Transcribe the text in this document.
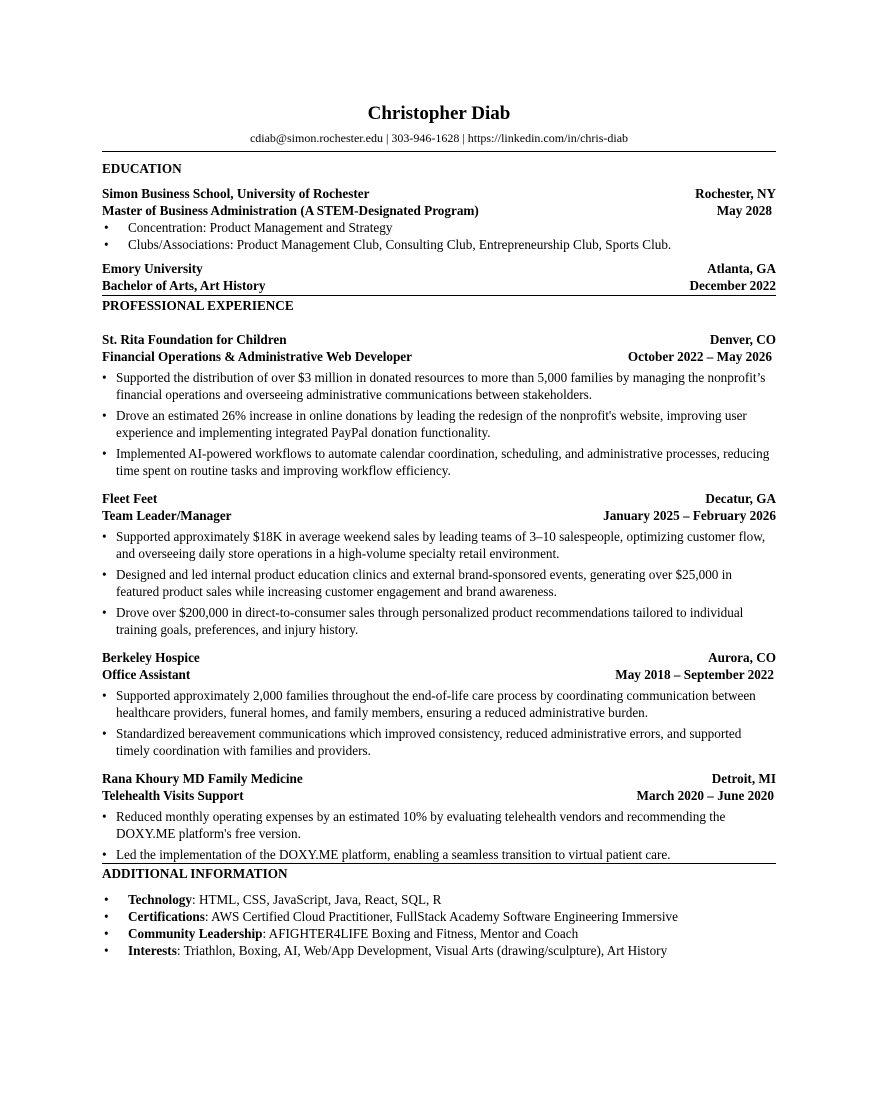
Christopher Diab
cdiab@simon.rochester.edu | 303-946-1628 | https://linkedin.com/in/chris-diab
EDUCATION
Simon Business School, University of Rochester	Rochester, NY
Master of Business Administration (A STEM-Designated Program)	May 2028
• Concentration: Product Management and Strategy
• Clubs/Associations: Product Management Club, Consulting Club, Entrepreneurship Club, Sports Club.
Emory University	Atlanta, GA
Bachelor of Arts, Art History	December 2022
PROFESSIONAL EXPERIENCE
St. Rita Foundation for Children	Denver, CO
Financial Operations & Administrative Web Developer	October 2022 – May 2026
• Supported the distribution of over $3 million in donated resources to more than 5,000 families by managing the nonprofit’s financial operations and overseeing administrative communications between stakeholders.
• Drove an estimated 26% increase in online donations by leading the redesign of the nonprofit's website, improving user experience and implementing integrated PayPal donation functionality.
• Implemented AI-powered workflows to automate calendar coordination, scheduling, and administrative processes, reducing time spent on routine tasks and improving workflow efficiency.
Fleet Feet	Decatur, GA
Team Leader/Manager	January 2025 – February 2026
• Supported approximately $18K in average weekend sales by leading teams of 3–10 salespeople, optimizing customer flow, and overseeing daily store operations in a high-volume specialty retail environment.
• Designed and led internal product education clinics and external brand-sponsored events, generating over $25,000 in featured product sales while increasing customer engagement and brand awareness.
• Drove over $200,000 in direct-to-consumer sales through personalized product recommendations tailored to individual training goals, preferences, and injury history.
Berkeley Hospice	Aurora, CO
Office Assistant	May 2018 – September 2022
• Supported approximately 2,000 families throughout the end-of-life care process by coordinating communication between healthcare providers, funeral homes, and family members, ensuring a reduced administrative burden.
• Standardized bereavement communications which improved consistency, reduced administrative errors, and supported timely coordination with families and providers.
Rana Khoury MD Family Medicine	Detroit, MI
Telehealth Visits Support	March 2020 – June 2020
• Reduced monthly operating expenses by an estimated 10% by evaluating telehealth vendors and recommending the DOXY.ME platform's free version.
• Led the implementation of the DOXY.ME platform, enabling a seamless transition to virtual patient care.
ADDITIONAL INFORMATION
• Technology: HTML, CSS, JavaScript, Java, React, SQL, R
• Certifications: AWS Certified Cloud Practitioner, FullStack Academy Software Engineering Immersive
• Community Leadership: AFIGHTER4LIFE Boxing and Fitness, Mentor and Coach
• Interests: Triathlon, Boxing, AI, Web/App Development, Visual Arts (drawing/sculpture), Art History
